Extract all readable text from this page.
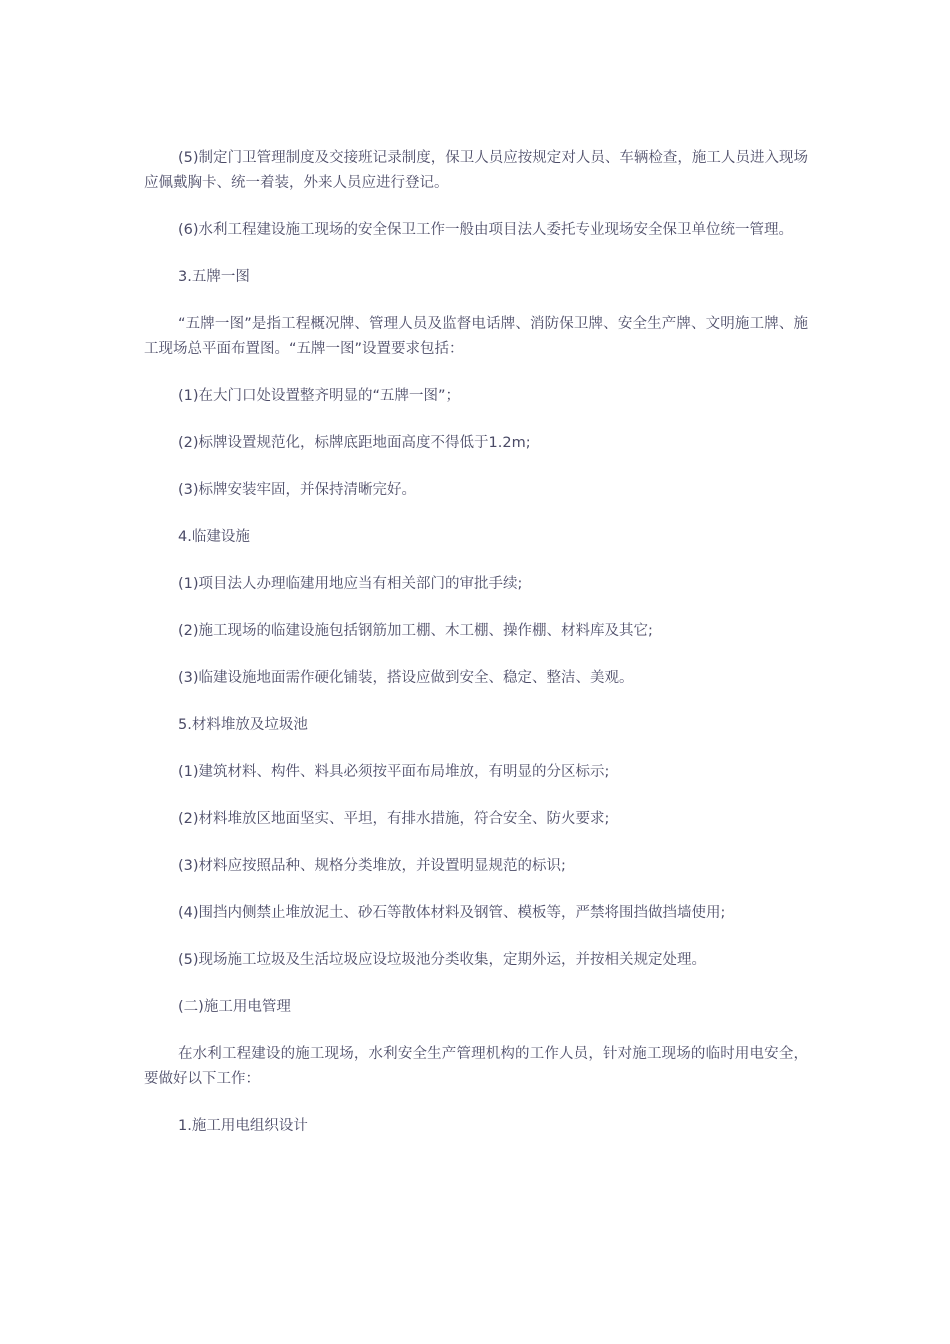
(5)制定门卫管理制度及交接班记录制度，保卫人员应按规定对人员、车辆检查，施工人员进入现场应佩戴胸卡、统一着装，外来人员应进行登记。

(6)水利工程建设施工现场的安全保卫工作一般由项目法人委托专业现场安全保卫单位统一管理。

3.五牌一图

“五牌一图”是指工程概况牌、管理人员及监督电话牌、消防保卫牌、安全生产牌、文明施工牌、施工现场总平面布置图。“五牌一图”设置要求包括：

(1)在大门口处设置整齐明显的“五牌一图”；

(2)标牌设置规范化，标牌底距地面高度不得低于1.2m;

(3)标牌安装牢固，并保持清晰完好。

4.临建设施

(1)项目法人办理临建用地应当有相关部门的审批手续;

(2)施工现场的临建设施包括钢筋加工棚、木工棚、操作棚、材料库及其它;

(3)临建设施地面需作硬化铺装，搭设应做到安全、稳定、整洁、美观。

5.材料堆放及垃圾池

(1)建筑材料、构件、料具必须按平面布局堆放，有明显的分区标示;

(2)材料堆放区地面坚实、平坦，有排水措施，符合安全、防火要求;

(3)材料应按照品种、规格分类堆放，并设置明显规范的标识;

(4)围挡内侧禁止堆放泥土、砂石等散体材料及钢管、模板等，严禁将围挡做挡墙使用;

(5)现场施工垃圾及生活垃圾应设垃圾池分类收集，定期外运，并按相关规定处理。

(二)施工用电管理

在水利工程建设的施工现场，水利安全生产管理机构的工作人员，针对施工现场的临时用电安全，要做好以下工作：

1.施工用电组织设计
